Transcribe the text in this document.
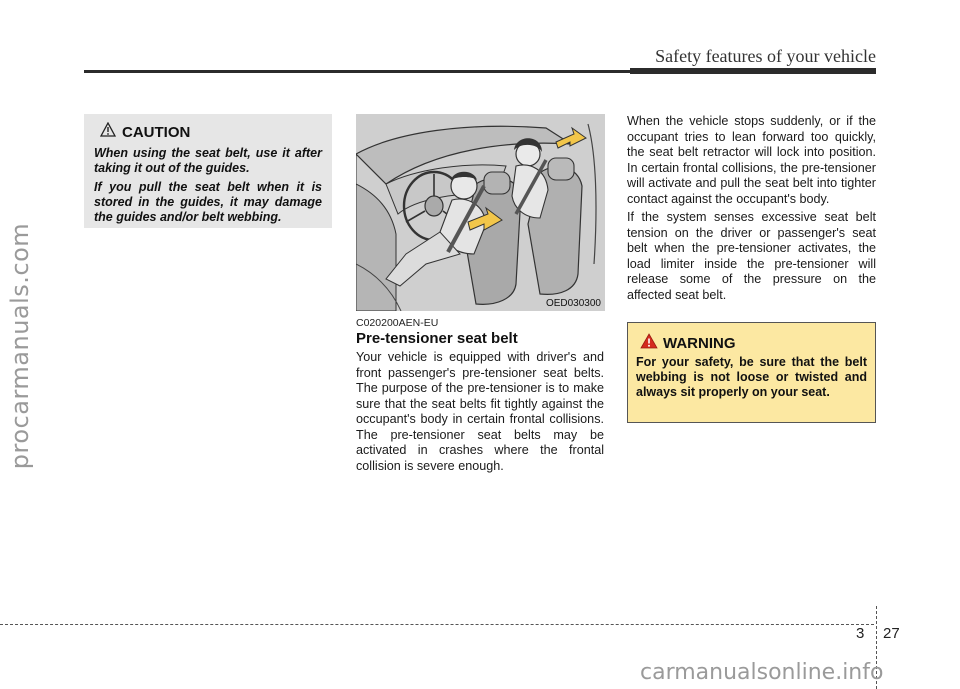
procarmanuals.com
Safety features of your vehicle
CAUTION

When using the seat belt, use it after taking it out of the guides.

If you pull the seat belt when it is stored in the guides, it may damage the guides and/or belt webbing.

OED030300
C020200AEN-EU
Pre-tensioner seat belt

Your vehicle is equipped with driver's and front passenger's pre-tensioner seat belts. The purpose of the pre-tensioner is to make sure that the seat belts fit tightly against the occupant's body in certain frontal collisions. The pre-tensioner seat belts may be activated in crashes where the frontal collision is severe enough.

When the vehicle stops suddenly, or if the occupant tries to lean forward too quickly, the seat belt retractor will lock into position. In certain frontal collisions, the pre-tensioner will activate and pull the seat belt into tighter contact against the occupant's body.

If the system senses excessive seat belt tension on the driver or passenger's seat belt when the pre-tensioner activates, the load limiter inside the pre-tensioner will release some of the pressure on the affected seat belt.

WARNING

For your safety, be sure that the belt webbing is not loose or twisted and always sit properly on your seat.

3 27
carmanualsonline.info
